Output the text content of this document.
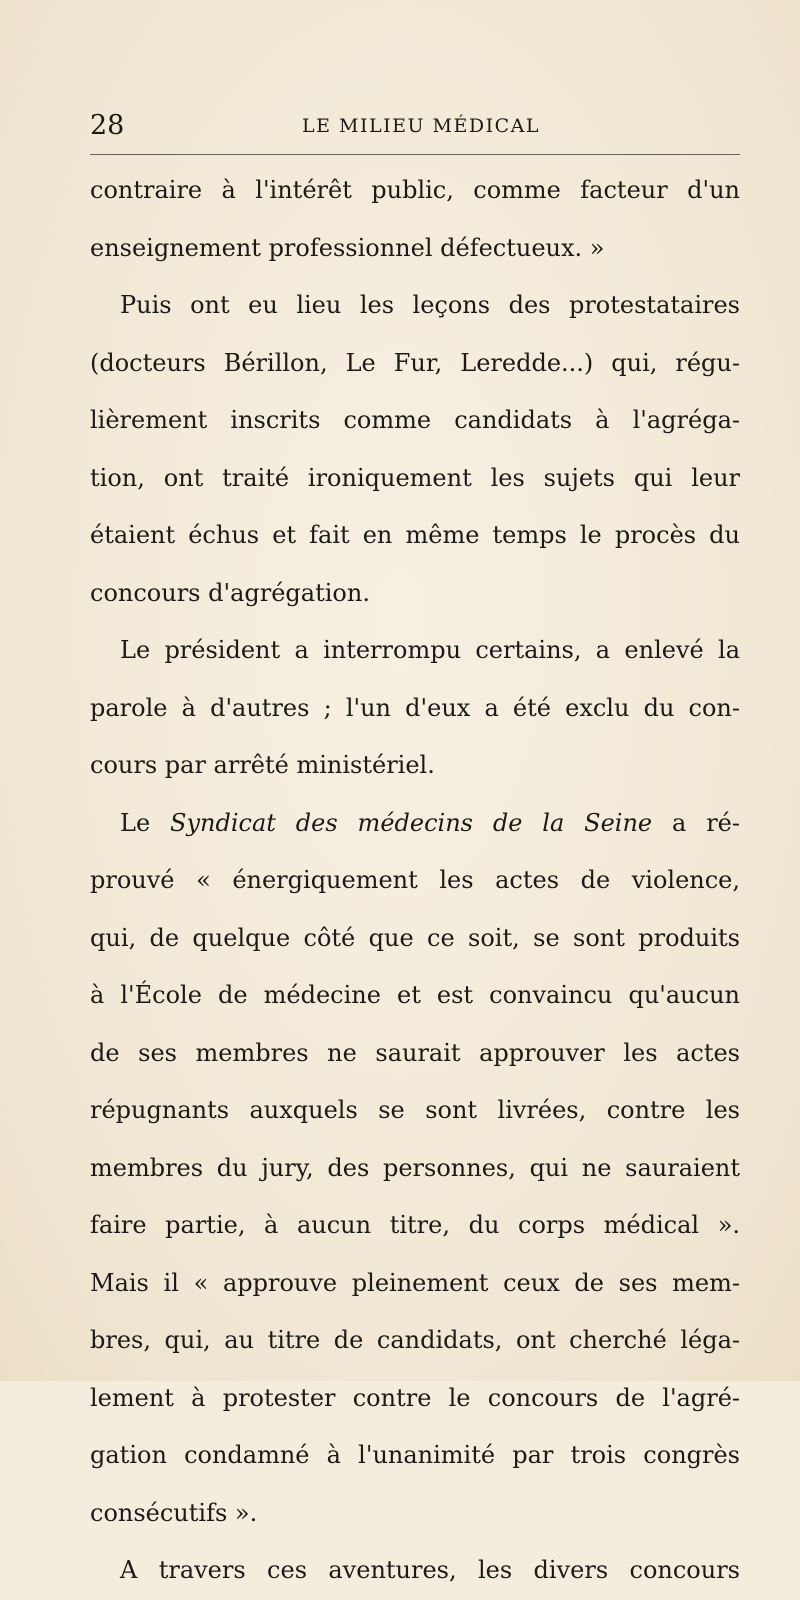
28	LE MILIEU MÉDICAL
contraire à l'intérêt public, comme facteur d'un
enseignement professionnel défectueux. »
Puis ont eu lieu les leçons des protestataires
(docteurs Bérillon, Le Fur, Leredde...) qui, régu-
lièrement inscrits comme candidats à l'agréga-
tion, ont traité ironiquement les sujets qui leur
étaient échus et fait en même temps le procès du
concours d'agrégation.
Le président a interrompu certains, a enlevé la
parole à d'autres ; l'un d'eux a été exclu du con-
cours par arrêté ministériel.
Le Syndicat des médecins de la Seine a ré-
prouvé « énergiquement les actes de violence,
qui, de quelque côté que ce soit, se sont produits
à l'École de médecine et est convaincu qu'aucun
de ses membres ne saurait approuver les actes
répugnants auxquels se sont livrées, contre les
membres du jury, des personnes, qui ne sauraient
faire partie, à aucun titre, du corps médical ».
Mais il « approuve pleinement ceux de ses mem-
bres, qui, au titre de candidats, ont cherché léga-
lement à protester contre le concours de l'agré-
gation condamné à l'unanimité par trois congrès
consécutifs ».
A travers ces aventures, les divers concours
